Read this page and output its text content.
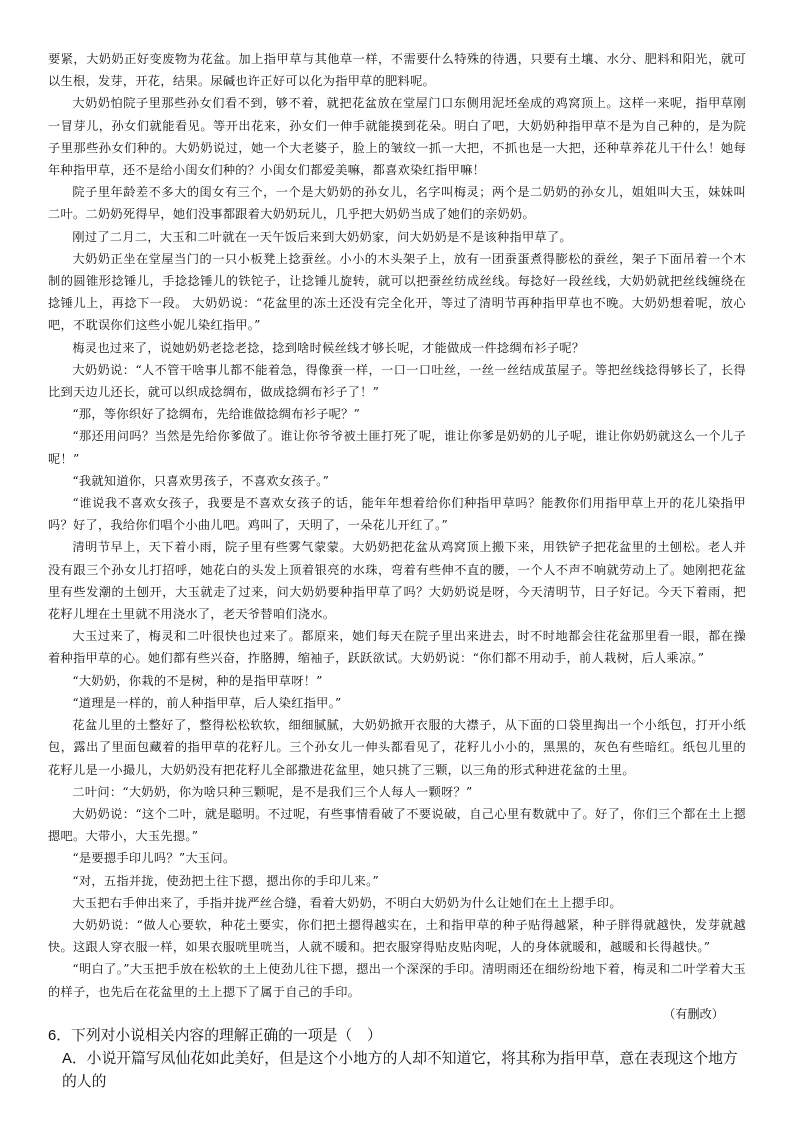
要紧，大奶奶正好变废物为花盆。加上指甲草与其他草一样，不需要什么特殊的待遇，只要有土壤、水分、肥料和阳光，就可以生根，发芽，开花，结果。尿碱也许正好可以化为指甲草的肥料呢。

大奶奶怕院子里那些孙女们看不到，够不着，就把花盆放在堂屋门口东侧用泥坯垒成的鸡窝顶上。这样一来呢，指甲草刚一冒芽儿，孙女们就能看见。等开出花来，孙女们一伸手就能摸到花朵。明白了吧，大奶奶种指甲草不是为自己种的，是为院子里那些孙女们种的。大奶奶说过，她一个大老婆子，脸上的皱纹一抓一大把，不抓也是一大把，还种草养花儿干什么！她每年种指甲草，还不是给小闺女们种的？小闺女们都爱美嘛，都喜欢染红指甲嘛！

院子里年龄差不多大的闺女有三个，一个是大奶奶的孙女儿，名字叫梅灵；两个是二奶奶的孙女儿，姐姐叫大玉，妹妹叫二叶。二奶奶死得早，她们没事都跟着大奶奶玩儿，几乎把大奶奶当成了她们的亲奶奶。

刚过了二月二，大玉和二叶就在一天午饭后来到大奶奶家，问大奶奶是不是该种指甲草了。

大奶奶正坐在堂屋当门的一只小板凳上捻蚕丝。小小的木头架子上，放有一团蚕蛋煮得膨松的蚕丝，架子下面吊着一个木制的圆锥形捻锤儿，手捻捻锤儿的铁铊子，让捻锤儿旋转，就可以把蚕丝纺成丝线。每捻好一段丝线，大奶奶就把丝线缠绕在捻锤儿上，再捻下一段。 大奶奶说：“花盆里的冻土还没有完全化开，等过了清明节再种指甲草也不晚。大奶奶想着呢，放心吧，不耽误你们这些小妮儿染红指甲。”

梅灵也过来了，说她奶奶老捻老捻，捻到啥时候丝线才够长呢，才能做成一件捻绸布衫子呢？

大奶奶说：“人不管干啥事儿都不能着急，得像蚕一样，一口一口吐丝，一丝一丝结成茧屋子。等把丝线捻得够长了，长得比到天边儿还长，就可以织成捻绸布，做成捻绸布衫子了！”

“那，等你织好了捻绸布，先给谁做捻绸布衫子呢？”

“那还用问吗？当然是先给你爹做了。谁让你爷爷被土匪打死了呢，谁让你爹是奶奶的儿子呢，谁让你奶奶就这么一个儿子呢！”

“我就知道你，只喜欢男孩子，不喜欢女孩子。”

“谁说我不喜欢女孩子，我要是不喜欢女孩子的话，能年年想着给你们种指甲草吗？能教你们用指甲草上开的花儿染指甲吗？好了，我给你们唱个小曲儿吧。鸡叫了，天明了，一朵花儿开红了。”

清明节早上，天下着小雨，院子里有些雾气蒙蒙。大奶奶把花盆从鸡窝顶上搬下来，用铁铲子把花盆里的土刨松。老人并没有跟三个孙女儿打招呼，她花白的头发上顶着银亮的水珠，弯着有些伸不直的腰，一个人不声不响就劳动上了。她刚把花盆里有些发潮的土刨开，大玉就走了过来，问大奶奶要种指甲草了吗？大奶奶说是呀，今天清明节，日子好记。今天下着雨，把花籽儿埋在土里就不用浇水了，老天爷替咱们浇水。

大玉过来了，梅灵和二叶很快也过来了。都原来，她们每天在院子里出来进去，时不时地都会往花盆那里看一眼，都在操着种指甲草的心。她们都有些兴奋，拃胳膊，缩袖子，跃跃欲试。大奶奶说：“你们都不用动手，前人栽树，后人乘凉。”

“大奶奶，你栽的不是树，种的是指甲草呀！”

“道理是一样的，前人种指甲草，后人染红指甲。”

花盆儿里的土整好了，整得松松软软，细细腻腻，大奶奶掀开衣服的大襟子，从下面的口袋里掏出一个小纸包，打开小纸包，露出了里面包藏着的指甲草的花籽儿。三个孙女儿一伸头都看见了，花籽儿小小的，黑黑的，灰色有些暗红。纸包儿里的花籽儿是一小撮儿，大奶奶没有把花籽儿全部撒进花盆里，她只挑了三颗，以三角的形式种进花盆的土里。

二叶问：“大奶奶，你为啥只种三颗呢，是不是我们三个人每人一颗呀？”

大奶奶说：“这个二叶，就是聪明。不过呢，有些事情看破了不要说破，自己心里有数就中了。好了，你们三个都在土上摁摁吧。大带小，大玉先摁。”

“是要摁手印儿吗？”大玉问。

“对，五指并拢，使劲把土往下摁，摁出你的手印儿来。”

大玉把右手伸出来了，手指并拢严丝合缝，看着大奶奶，不明白大奶奶为什么让她们在土上摁手印。

大奶奶说：“做人心要软，种花土要实，你们把土摁得越实在，土和指甲草的种子贴得越紧，种子胖得就越快，发芽就越快。这跟人穿衣服一样，如果衣服咣里咣当，人就不暖和。把衣服穿得贴皮贴肉呢，人的身体就暖和，越暖和长得越快。”

“明白了。”大玉把手放在松软的土上使劲儿往下摁，摁出一个深深的手印。清明雨还在细纷纷地下着，梅灵和二叶学着大玉的样子，也先后在花盆里的土上摁下了属于自己的手印。

（有删改）

6．下列对小说相关内容的理解正确的一项是（　）

A．小说开篇写凤仙花如此美好，但是这个小地方的人却不知道它，将其称为指甲草，意在表现这个地方的人的
